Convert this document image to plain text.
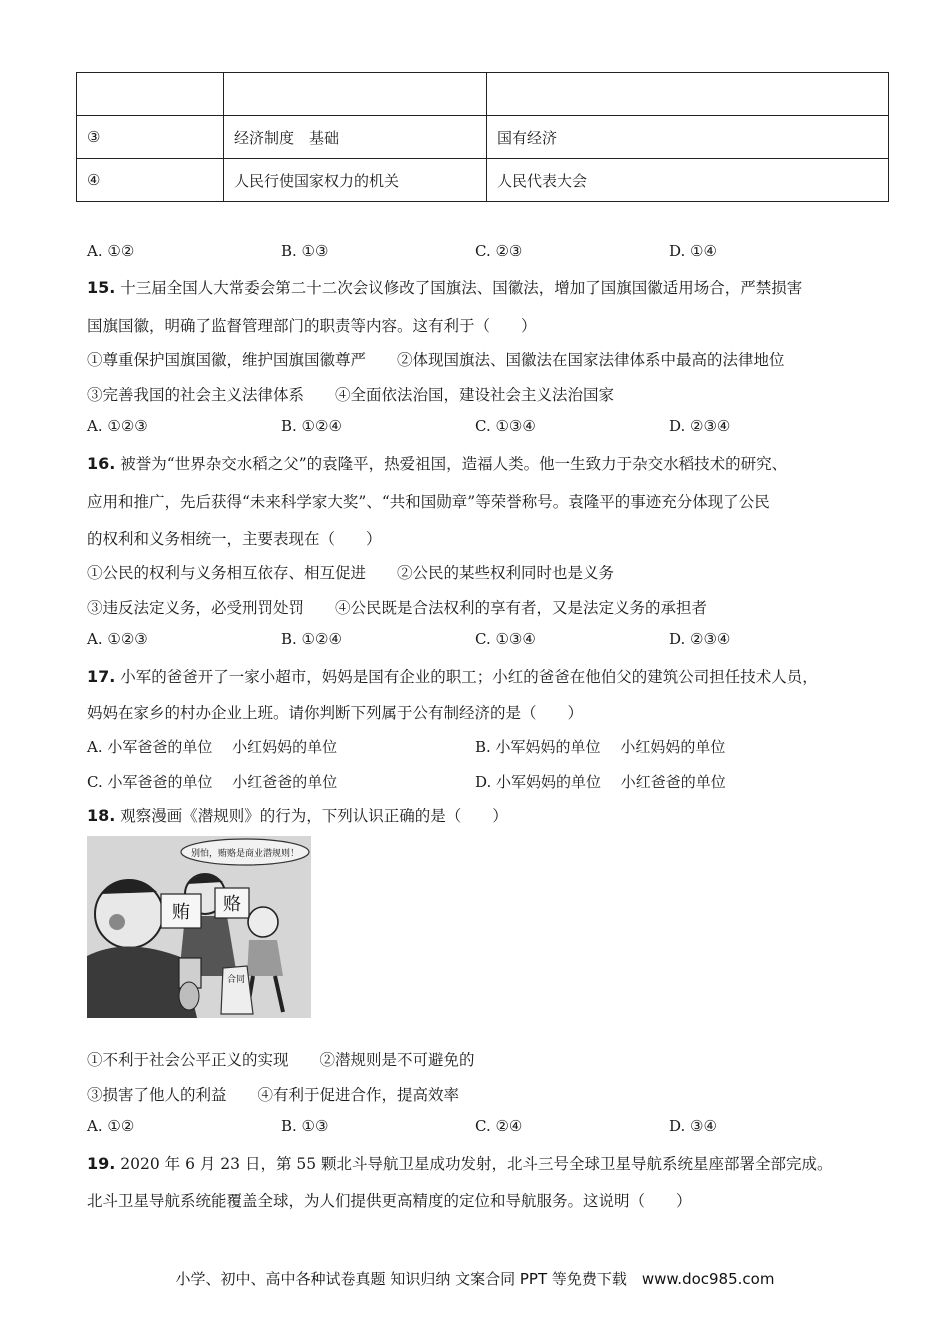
③	经济制度　基础	国有经济
④	人民行使国家权力的机关	人民代表大会
A. ①②	B. ①③	C. ②③	D. ①④
15. 十三届全国人大常委会第二十二次会议修改了国旗法、国徽法，增加了国旗国徽适用场合，严禁损害
国旗国徽，明确了监督管理部门的职责等内容。这有利于（　　）
①尊重保护国旗国徽，维护国旗国徽尊严　　②体现国旗法、国徽法在国家法律体系中最高的法律地位
③完善我国的社会主义法律体系　　④全面依法治国，建设社会主义法治国家
A. ①②③	B. ①②④	C. ①③④	D. ②③④
16. 被誉为“世界杂交水稻之父”的袁隆平，热爱祖国，造福人类。他一生致力于杂交水稻技术的研究、
应用和推广，先后获得“未来科学家大奖”、“共和国勋章”等荣誉称号。袁隆平的事迹充分体现了公民
的权利和义务相统一，主要表现在（　　）
①公民的权利与义务相互依存、相互促进　　②公民的某些权利同时也是义务
③违反法定义务，必受刑罚处罚　　④公民既是合法权利的享有者，又是法定义务的承担者
A. ①②③	B. ①②④	C. ①③④	D. ②③④
17. 小军的爸爸开了一家小超市，妈妈是国有企业的职工；小红的爸爸在他伯父的建筑公司担任技术人员，
妈妈在家乡的村办企业上班。请你判断下列属于公有制经济的是（　　）
A. 小军爸爸的单位　 小红妈妈的单位	B. 小军妈妈的单位　 小红妈妈的单位
C. 小军爸爸的单位　 小红爸爸的单位	D. 小军妈妈的单位　 小红爸爸的单位
18. 观察漫画《潜规则》的行为，下列认识正确的是（　　）
别怕，贿赂是商业潜规则！
贿 赂
合同
①不利于社会公平正义的实现　　②潜规则是不可避免的
③损害了他人的利益　　④有利于促进合作，提高效率
A. ①②	B. ①③	C. ②④	D. ③④
19. 2020 年 6 月 23 日，第 55 颗北斗导航卫星成功发射，北斗三号全球卫星导航系统星座部署全部完成。
北斗卫星导航系统能覆盖全球，为人们提供更高精度的定位和导航服务。这说明（　　）
小学、初中、高中各种试卷真题 知识归纳 文案合同 PPT 等免费下载　www.doc985.com
